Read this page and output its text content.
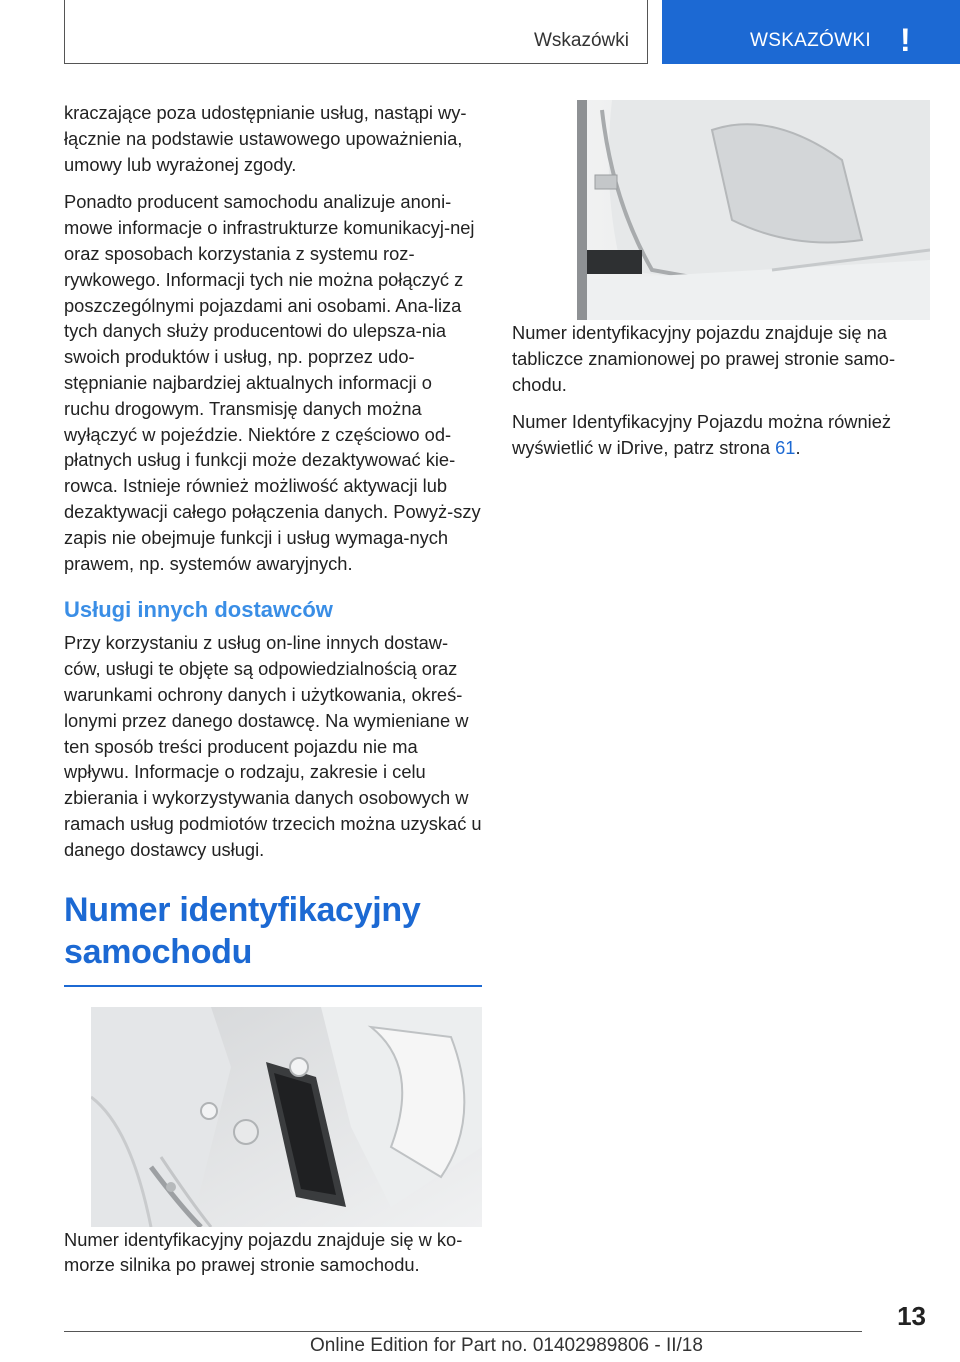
Wskazówki	WSKAZÓWKI !

kraczające poza udostępnianie usług, nastąpi wy-łącznie na podstawie ustawowego upoważnienia, umowy lub wyrażonej zgody.

Ponadto producent samochodu analizuje anoni-mowe informacje o infrastrukturze komunikacyj-nej oraz sposobach korzystania z systemu roz-rywkowego. Informacji tych nie można połączyć z poszczególnymi pojazdami ani osobami. Ana-liza tych danych służy producentowi do ulepsza-nia swoich produktów i usług, np. poprzez udo-stępnianie najbardziej aktualnych informacji o ruchu drogowym. Transmisję danych można wyłączyć w pojeździe. Niektóre z częściowo od-płatnych usług i funkcji może dezaktywować kie-rowca. Istnieje również możliwość aktywacji lub dezaktywacji całego połączenia danych. Powyż-szy zapis nie obejmuje funkcji i usług wymaga-nych prawem, np. systemów awaryjnych.

Usługi innych dostawców

Przy korzystaniu z usług on-line innych dostaw-ców, usługi te objęte są odpowiedzialnością oraz warunkami ochrony danych i użytkowania, okreś-lonymi przez danego dostawcę. Na wymieniane w ten sposób treści producent pojazdu nie ma wpływu. Informacje o rodzaju, zakresie i celu zbierania i wykorzystywania danych osobowych w ramach usług podmiotów trzecich można uzyskać u danego dostawcy usługi.

Numer identyfikacyjny samochodu

Numer identyfikacyjny pojazdu znajduje się w ko-morze silnika po prawej stronie samochodu.

Numer identyfikacyjny pojazdu znajduje się na tabliczce znamionowej po prawej stronie samo-chodu.

Numer Identyfikacyjny Pojazdu można również wyświetlić w iDrive, patrz strona 61.

13
Online Edition for Part no. 01402989806 - II/18
